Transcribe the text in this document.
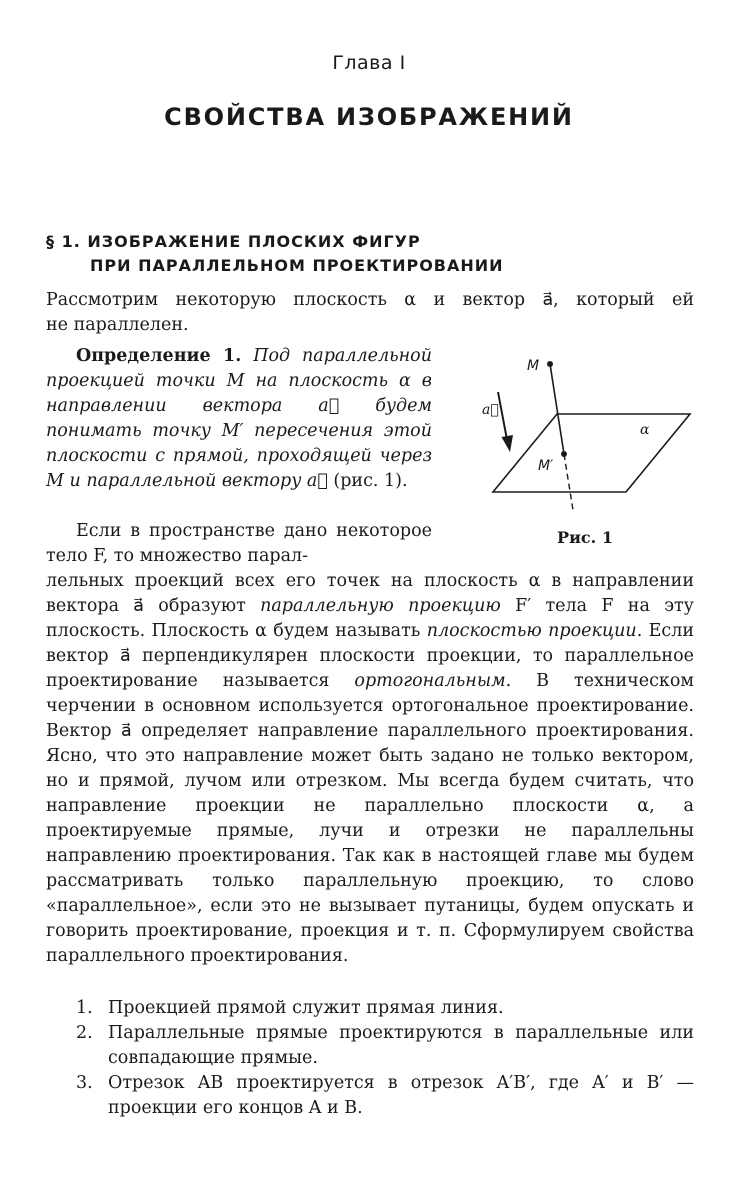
Глава I
СВОЙСТВА ИЗОБРАЖЕНИЙ
§ 1. ИЗОБРАЖЕНИЕ ПЛОСКИХ ФИГУР
ПРИ ПАРАЛЛЕЛЬНОМ ПРОЕКТИРОВАНИИ

Рассмотрим некоторую плоскость α и вектор a⃗, который ей

не параллелен.

Определение 1. Под параллельной проекцией точки M на плоскость α в направлении вектора a⃗ будем понимать точку M′ пересечения этой плоскости с прямой, проходящей через M и параллельной вектору a⃗ (рис. 1).

M
M′
α
a⃗
Рис. 1

Если в пространстве дано некоторое тело F, то множество парал-

лельных проекций всех его точек на плоскость α в направлении вектора a⃗ образуют параллельную проекцию F′ тела F на эту плоскость. Плоскость α будем называть плоскостью проекции. Если вектор a⃗ перпендикулярен плоскости проекции, то параллельное проектирование называется ортогональным. В техническом черчении в основном используется ортогональное проектирование. Вектор a⃗ определяет направление параллельного проектирования. Ясно, что это направление может быть задано не только вектором, но и прямой, лучом или отрезком. Мы всегда будем считать, что направление проекции не параллельно плоскости α, а проектируемые прямые, лучи и отрезки не параллельны направлению проектирования. Так как в настоящей главе мы будем рассматривать только параллельную проекцию, то слово «параллельное», если это не вызывает путаницы, будем опускать и говорить проектирование, проекция и т. п. Сформулируем свойства параллельного проектирования.

1. Проекцией прямой служит прямая линия.
2. Параллельные прямые проектируются в параллельные или совпадающие прямые.
3. Отрезок AB проектируется в отрезок A′B′, где A′ и B′ — проекции его концов A и B.
